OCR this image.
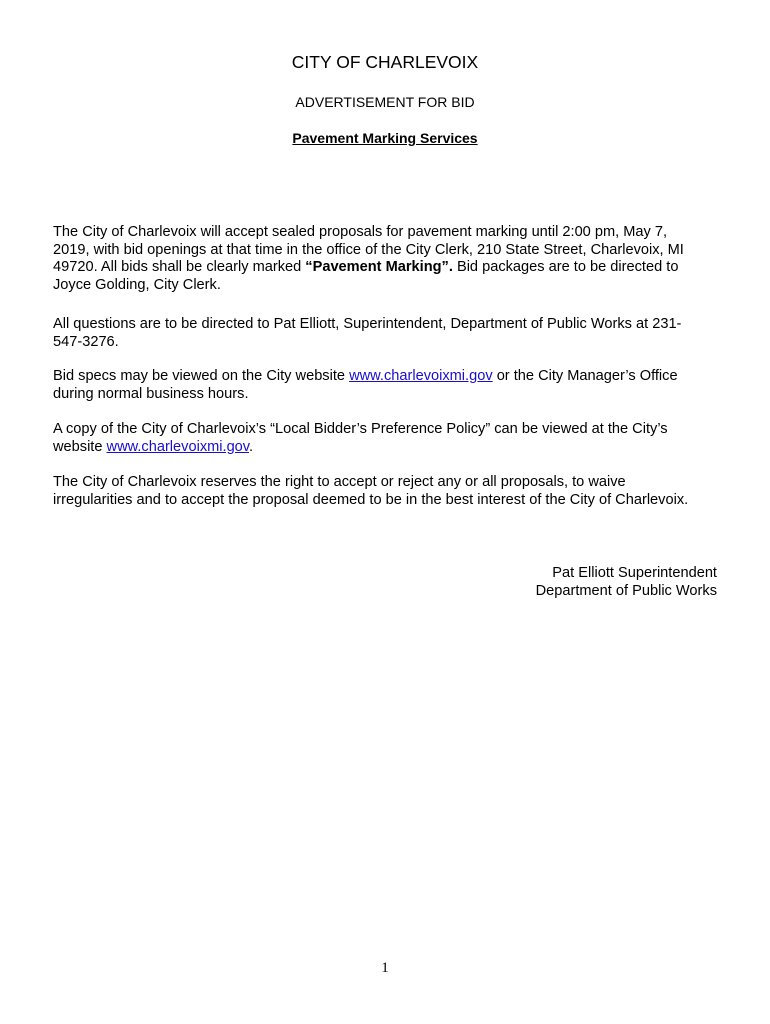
CITY OF CHARLEVOIX
ADVERTISEMENT FOR BID
Pavement Marking Services
The City of Charlevoix will accept sealed proposals for pavement marking until 2:00 pm, May 7,
2019, with bid openings at that time in the office of the City Clerk, 210 State Street, Charlevoix, MI
49720. All bids shall be clearly marked “Pavement Marking”. Bid packages are to be directed to
Joyce Golding, City Clerk.
All questions are to be directed to Pat Elliott, Superintendent, Department of Public Works at 231-
547-3276.
Bid specs may be viewed on the City website www.charlevoixmi.gov or the City Manager’s Office
during normal business hours.
A copy of the City of Charlevoix’s “Local Bidder’s Preference Policy” can be viewed at the City’s
website www.charlevoixmi.gov.
The City of Charlevoix reserves the right to accept or reject any or all proposals, to waive
irregularities and to accept the proposal deemed to be in the best interest of the City of Charlevoix.
Pat Elliott Superintendent
Department of Public Works
1
